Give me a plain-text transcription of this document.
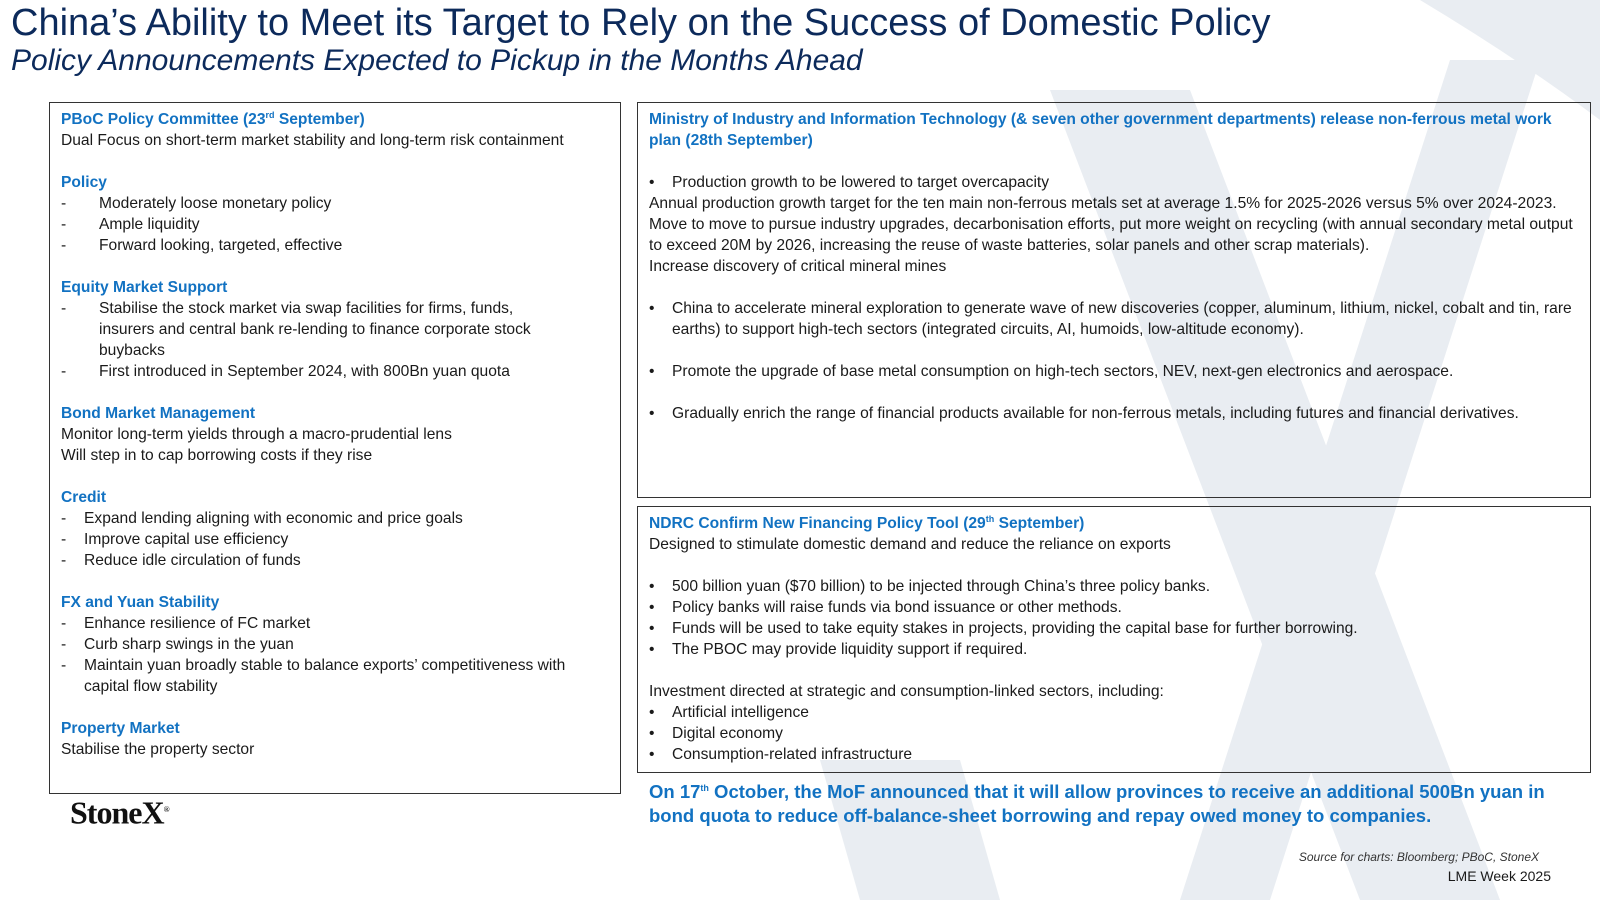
China’s Ability to Meet its Target to Rely on the Success of Domestic Policy
Policy Announcements Expected to Pickup in the Months Ahead
PBoC Policy Committee (23rd September)
Dual Focus on short-term market stability and long-term risk containment
Policy
-	Moderately loose monetary policy
-	Ample liquidity
-	Forward looking, targeted, effective
Equity Market Support
-	Stabilise the stock market via swap facilities for firms, funds, insurers and central bank re-lending to finance corporate stock buybacks
-	First introduced in September 2024, with 800Bn yuan quota
Bond Market Management
Monitor long-term yields through a macro-prudential lens
Will step in to cap borrowing costs if they rise
Credit
-	Expand lending aligning with economic and price goals
-	Improve capital use efficiency
-	Reduce idle circulation of funds
FX and Yuan Stability
-	Enhance resilience of FC market
-	Curb sharp swings in the yuan
-	Maintain yuan broadly stable to balance exports’ competitiveness with capital flow stability
Property Market
Stabilise the property sector
Ministry of Industry and Information Technology (& seven other government departments) release non-ferrous metal work plan (28th September)
•	Production growth to be lowered to target overcapacity
Annual production growth target for the ten main non-ferrous metals set at average 1.5% for 2025-2026 versus 5% over 2024-2023. Move to move to pursue industry upgrades, decarbonisation efforts, put more weight on recycling (with annual secondary metal output to exceed 20M by 2026, increasing the reuse of waste batteries, solar panels and other scrap materials).
Increase discovery of critical mineral mines
•	China to accelerate mineral exploration to generate wave of new discoveries (copper, aluminum, lithium, nickel, cobalt and tin, rare earths) to support high-tech sectors (integrated circuits, AI, humoids, low-altitude economy).
•	Promote the upgrade of base metal consumption on high-tech sectors, NEV, next-gen electronics and aerospace.
•	Gradually enrich the range of financial products available for non-ferrous metals, including futures and financial derivatives.
NDRC Confirm New Financing Policy Tool (29th September)
Designed to stimulate domestic demand and reduce the reliance on exports
•	500 billion yuan ($70 billion) to be injected through China’s three policy banks.
•	Policy banks will raise funds via bond issuance or other methods.
•	Funds will be used to take equity stakes in projects, providing the capital base for further borrowing.
•	The PBOC may provide liquidity support if required.
Investment directed at strategic and consumption-linked sectors, including:
•	Artificial intelligence
•	Digital economy
•	Consumption-related infrastructure
On 17th October, the MoF announced that it will allow provinces to receive an additional 500Bn yuan in bond quota to reduce off-balance-sheet borrowing and repay owed money to companies.
StoneX®
Source for charts: Bloomberg; PBoC, StoneX
LME Week 2025
